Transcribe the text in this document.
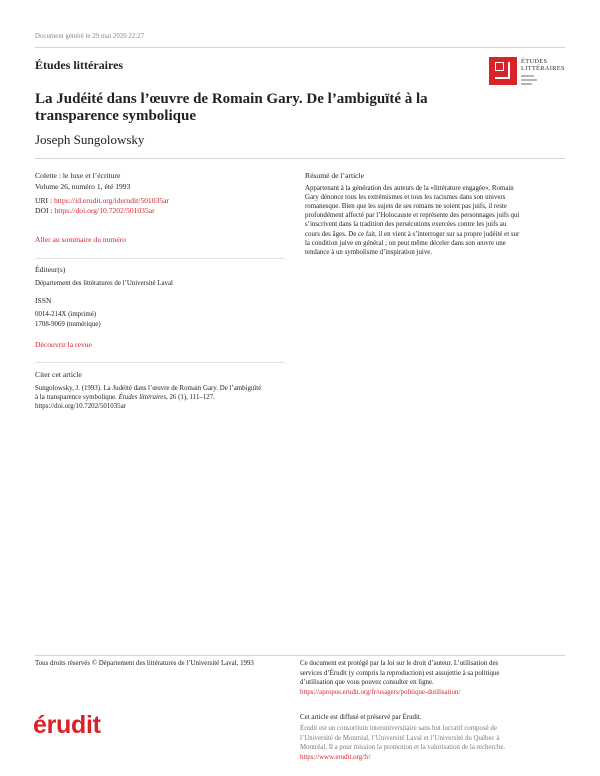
Document généré le 29 mai 2020 22:27
Études littéraires	ÉTUDES
LITTÉRAIRES
La Judéité dans l’œuvre de Romain Gary. De l’ambiguïté à la
transparence symbolique
Joseph Sungolowsky
Colette : le luxe et l’écriture
Volume 26, numéro 1, été 1993
URI : https://id.erudit.org/iderudit/501035ar
DOI : https://doi.org/10.7202/501035ar
Aller au sommaire du numéro
Éditeur(s)
Département des littératures de l’Université Laval
ISSN
0014-214X (imprimé)
1708-9069 (numérique)
Découvrir la revue
Citer cet article
Sungolowsky, J. (1993). La Judéité dans l’œuvre de Romain Gary. De l’ambiguïté
à la transparence symbolique. Études littéraires, 26 (1), 111–127.
https://doi.org/10.7202/501035ar
Résumé de l’article
Appartenant à la génération des auteurs de la «littérature engagée», Romain
Gary dénonce tous les extrémismes et tous les racismes dans son univers
romanesque. Bien que les sujets de ses romans ne soient pas juifs, il reste
profondément affecté par l’Holocauste et représente des personnages juifs qui
s’inscrivent dans la tradition des persécutions exercées contre les juifs au
cours des âges. De ce fait, il en vient à s’interroger sur sa propre judéité et sur
la condition juive en général ; on peut même déceler dans son œuvre une
tendance à un symbolisme d’inspiration juive.
Tous droits réservés © Département des littératures de l’Université Laval, 1993	Ce document est protégé par la loi sur le droit d’auteur. L’utilisation des
services d’Érudit (y compris la reproduction) est assujettie à sa politique
d’utilisation que vous pouvez consulter en ligne.
https://apropos.erudit.org/fr/usagers/politique-dutilisation/
érudit	Cet article est diffusé et préservé par Érudit.
Érudit est un consortium interuniversitaire sans but lucratif composé de
l’Université de Montréal, l’Université Laval et l’Université du Québec à
Montréal. Il a pour mission la promotion et la valorisation de la recherche.
https://www.erudit.org/fr/
